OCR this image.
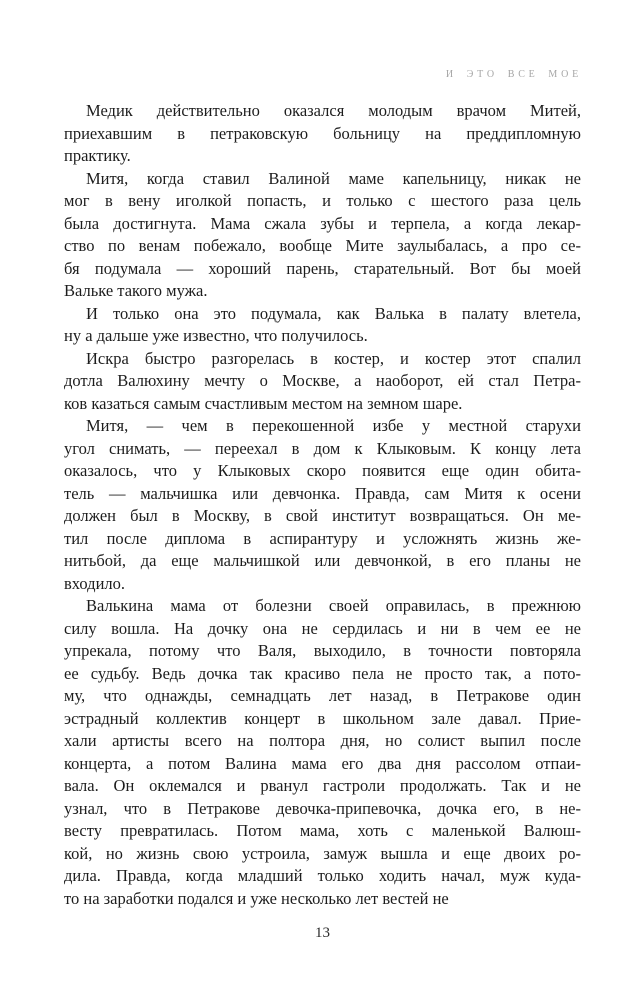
И ЭТО ВСЕ МОЕ
Медик действительно оказался молодым врачом Митей,
приехавшим в петраковскую больницу на преддипломную
практику.
Митя, когда ставил Валиной маме капельницу, никак не
мог в вену иголкой попасть, и только с шестого раза цель
была достигнута. Мама сжала зубы и терпела, а когда лекар-
ство по венам побежало, вообще Мите заулыбалась, а про се-
бя подумала — хороший парень, старательный. Вот бы моей
Вальке такого мужа.
И только она это подумала, как Валька в палату влетела,
ну а дальше уже известно, что получилось.
Искра быстро разгорелась в костер, и костер этот спалил
дотла Валюхину мечту о Москве, а наоборот, ей стал Петра-
ков казаться самым счастливым местом на земном шаре.
Митя, — чем в перекошенной избе у местной старухи
угол снимать, — переехал в дом к Клыковым. К концу лета
оказалось, что у Клыковых скоро появится еще один обита-
тель — мальчишка или девчонка. Правда, сам Митя к осени
должен был в Москву, в свой институт возвращаться. Он ме-
тил после диплома в аспирантуру и усложнять жизнь же-
нитьбой, да еще мальчишкой или девчонкой, в его планы не
входило.
Валькина мама от болезни своей оправилась, в прежнюю
силу вошла. На дочку она не сердилась и ни в чем ее не
упрекала, потому что Валя, выходило, в точности повторяла
ее судьбу. Ведь дочка так красиво пела не просто так, а пото-
му, что однажды, семнадцать лет назад, в Петракове один
эстрадный коллектив концерт в школьном зале давал. Прие-
хали артисты всего на полтора дня, но солист выпил после
концерта, а потом Валина мама его два дня рассолом отпаи-
вала. Он оклемался и рванул гастроли продолжать. Так и не
узнал, что в Петракове девочка-припевочка, дочка его, в не-
весту превратилась. Потом мама, хоть с маленькой Валюш-
кой, но жизнь свою устроила, замуж вышла и еще двоих ро-
дила. Правда, когда младший только ходить начал, муж куда-
то на заработки подался и уже несколько лет вестей не
13
